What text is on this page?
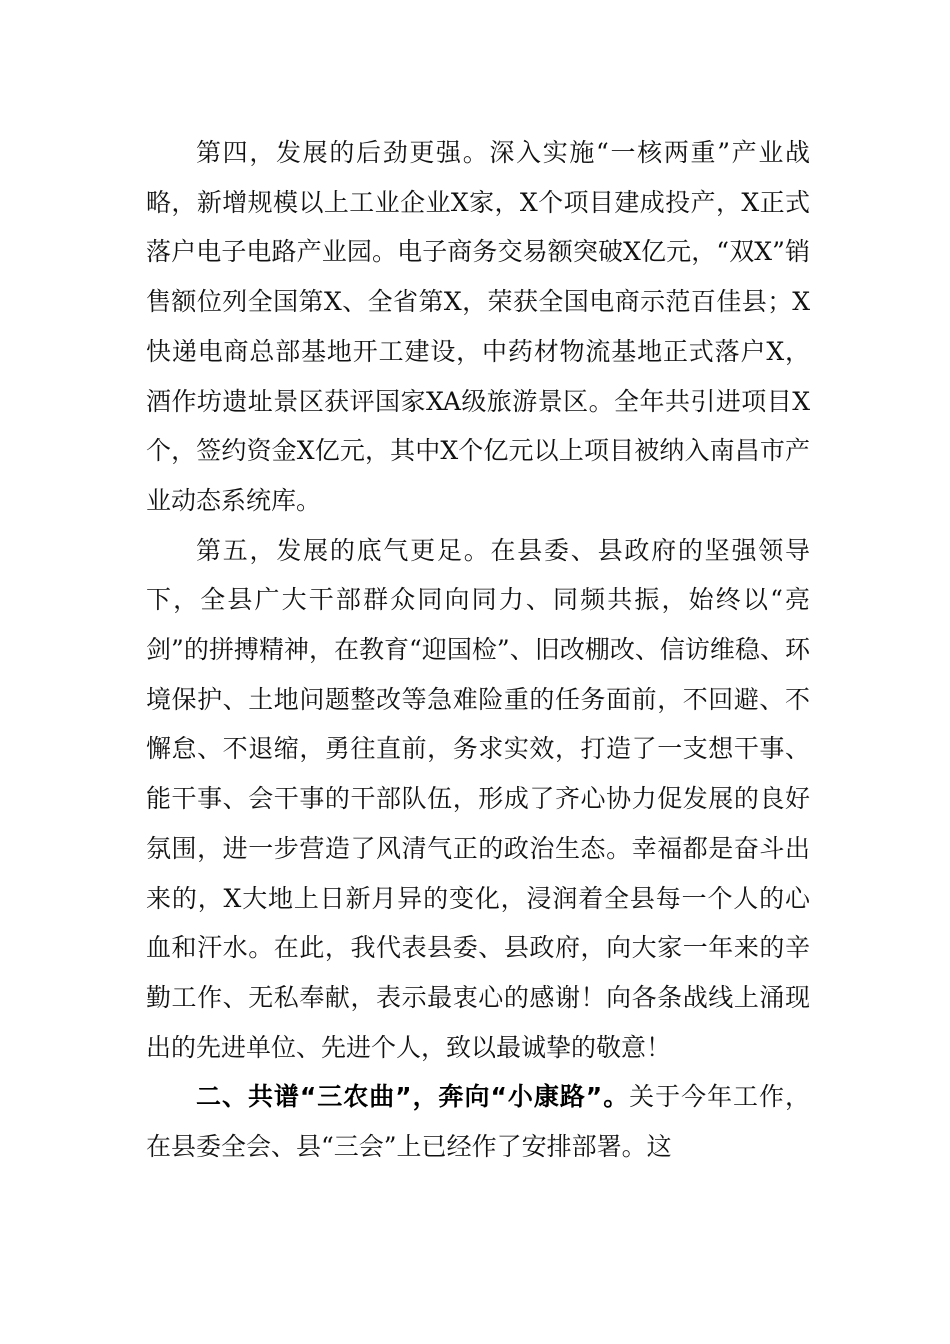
第四，发展的后劲更强。深入实施“一核两重”产业战略，新增规模以上工业企业X家，X个项目建成投产，X正式落户电子电路产业园。电子商务交易额突破X亿元，“双X”销售额位列全国第X、全省第X，荣获全国电商示范百佳县；X快递电商总部基地开工建设，中药材物流基地正式落户X，酒作坊遗址景区获评国家XA级旅游景区。全年共引进项目X个，签约资金X亿元，其中X个亿元以上项目被纳入南昌市产业动态系统库。

第五，发展的底气更足。在县委、县政府的坚强领导下，全县广大干部群众同向同力、同频共振，始终以“亮剑”的拼搏精神，在教育“迎国检”、旧改棚改、信访维稳、环境保护、土地问题整改等急难险重的任务面前，不回避、不懈怠、不退缩，勇往直前，务求实效，打造了一支想干事、能干事、会干事的干部队伍，形成了齐心协力促发展的良好氛围，进一步营造了风清气正的政治生态。幸福都是奋斗出来的，X大地上日新月异的变化，浸润着全县每一个人的心血和汗水。在此，我代表县委、县政府，向大家一年来的辛勤工作、无私奉献，表示最衷心的感谢！向各条战线上涌现出的先进单位、先进个人，致以最诚挚的敬意！

二、共谱“三农曲”，奔向“小康路”。关于今年工作，在县委全会、县“三会”上已经作了安排部署。这
